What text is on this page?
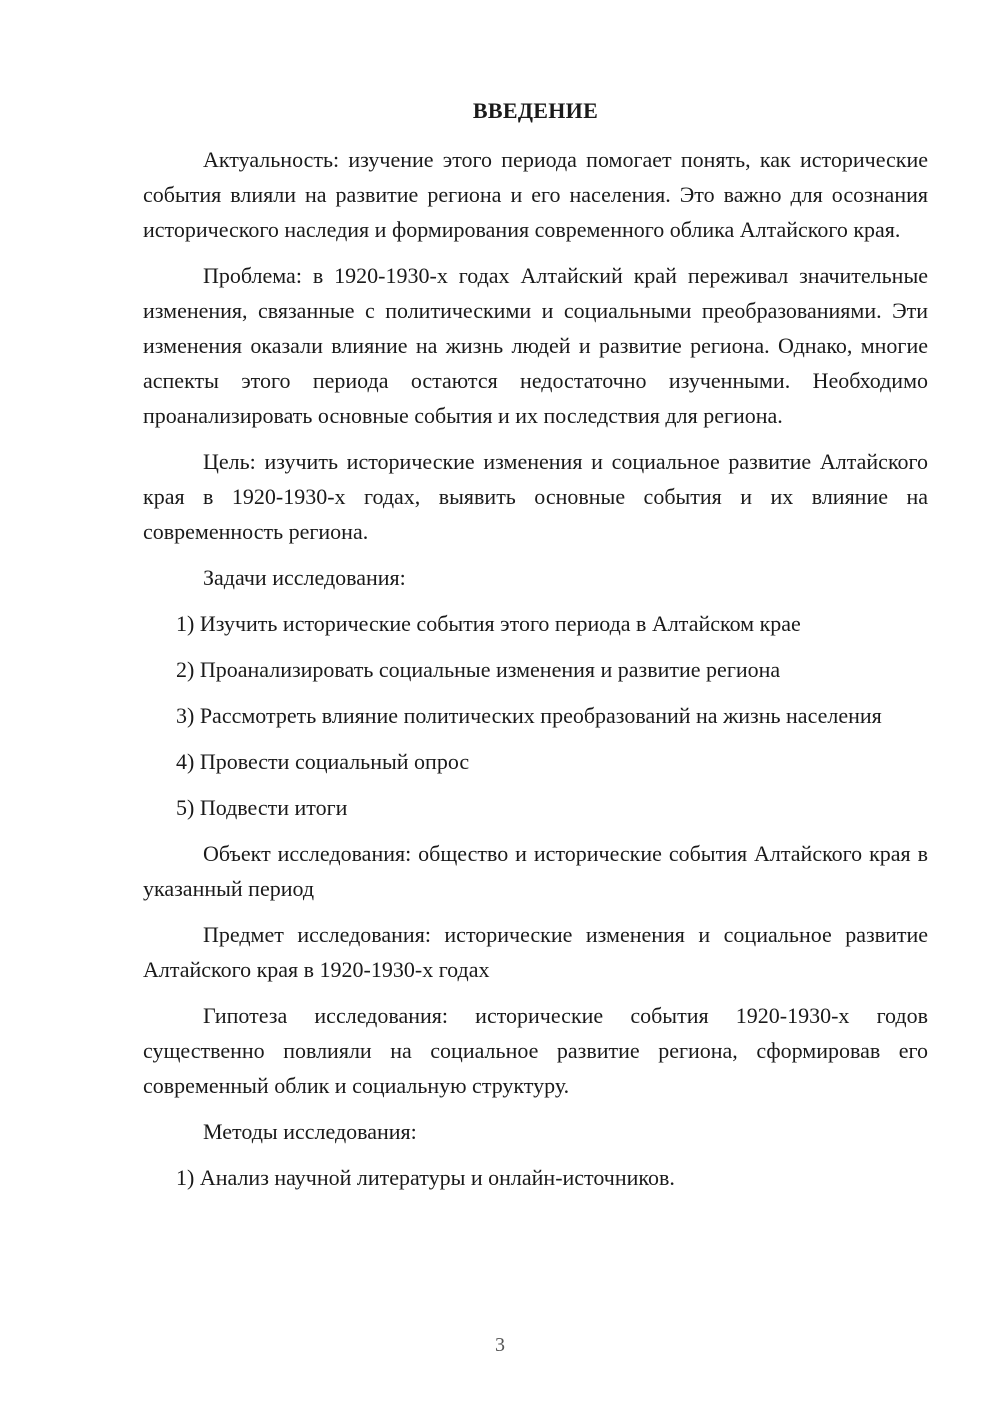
ВВЕДЕНИЕ

Актуальность: изучение этого периода помогает понять, как исторические события влияли на развитие региона и его населения. Это важно для осознания исторического наследия и формирования современного облика Алтайского края.

Проблема: в 1920-1930-х годах Алтайский край переживал значительные изменения, связанные с политическими и социальными преобразованиями. Эти изменения оказали влияние на жизнь людей и развитие региона. Однако, многие аспекты этого периода остаются недостаточно изученными. Необходимо проанализировать основные события и их последствия для региона.

Цель: изучить исторические изменения и социальное развитие Алтайского края в 1920-1930-х годах, выявить основные события и их влияние на современность региона.

Задачи исследования:

1) Изучить исторические события этого периода в Алтайском крае

2) Проанализировать социальные изменения и развитие региона

3) Рассмотреть влияние политических преобразований на жизнь населения

4) Провести социальный опрос

5) Подвести итоги

Объект исследования: общество и исторические события Алтайского края в указанный период

Предмет исследования: исторические изменения и социальное развитие Алтайского края в 1920-1930-х годах

Гипотеза исследования: исторические события 1920-1930-х годов существенно повлияли на социальное развитие региона, сформировав его современный облик и социальную структуру.

Методы исследования:

1) Анализ научной литературы и онлайн-источников.

3
